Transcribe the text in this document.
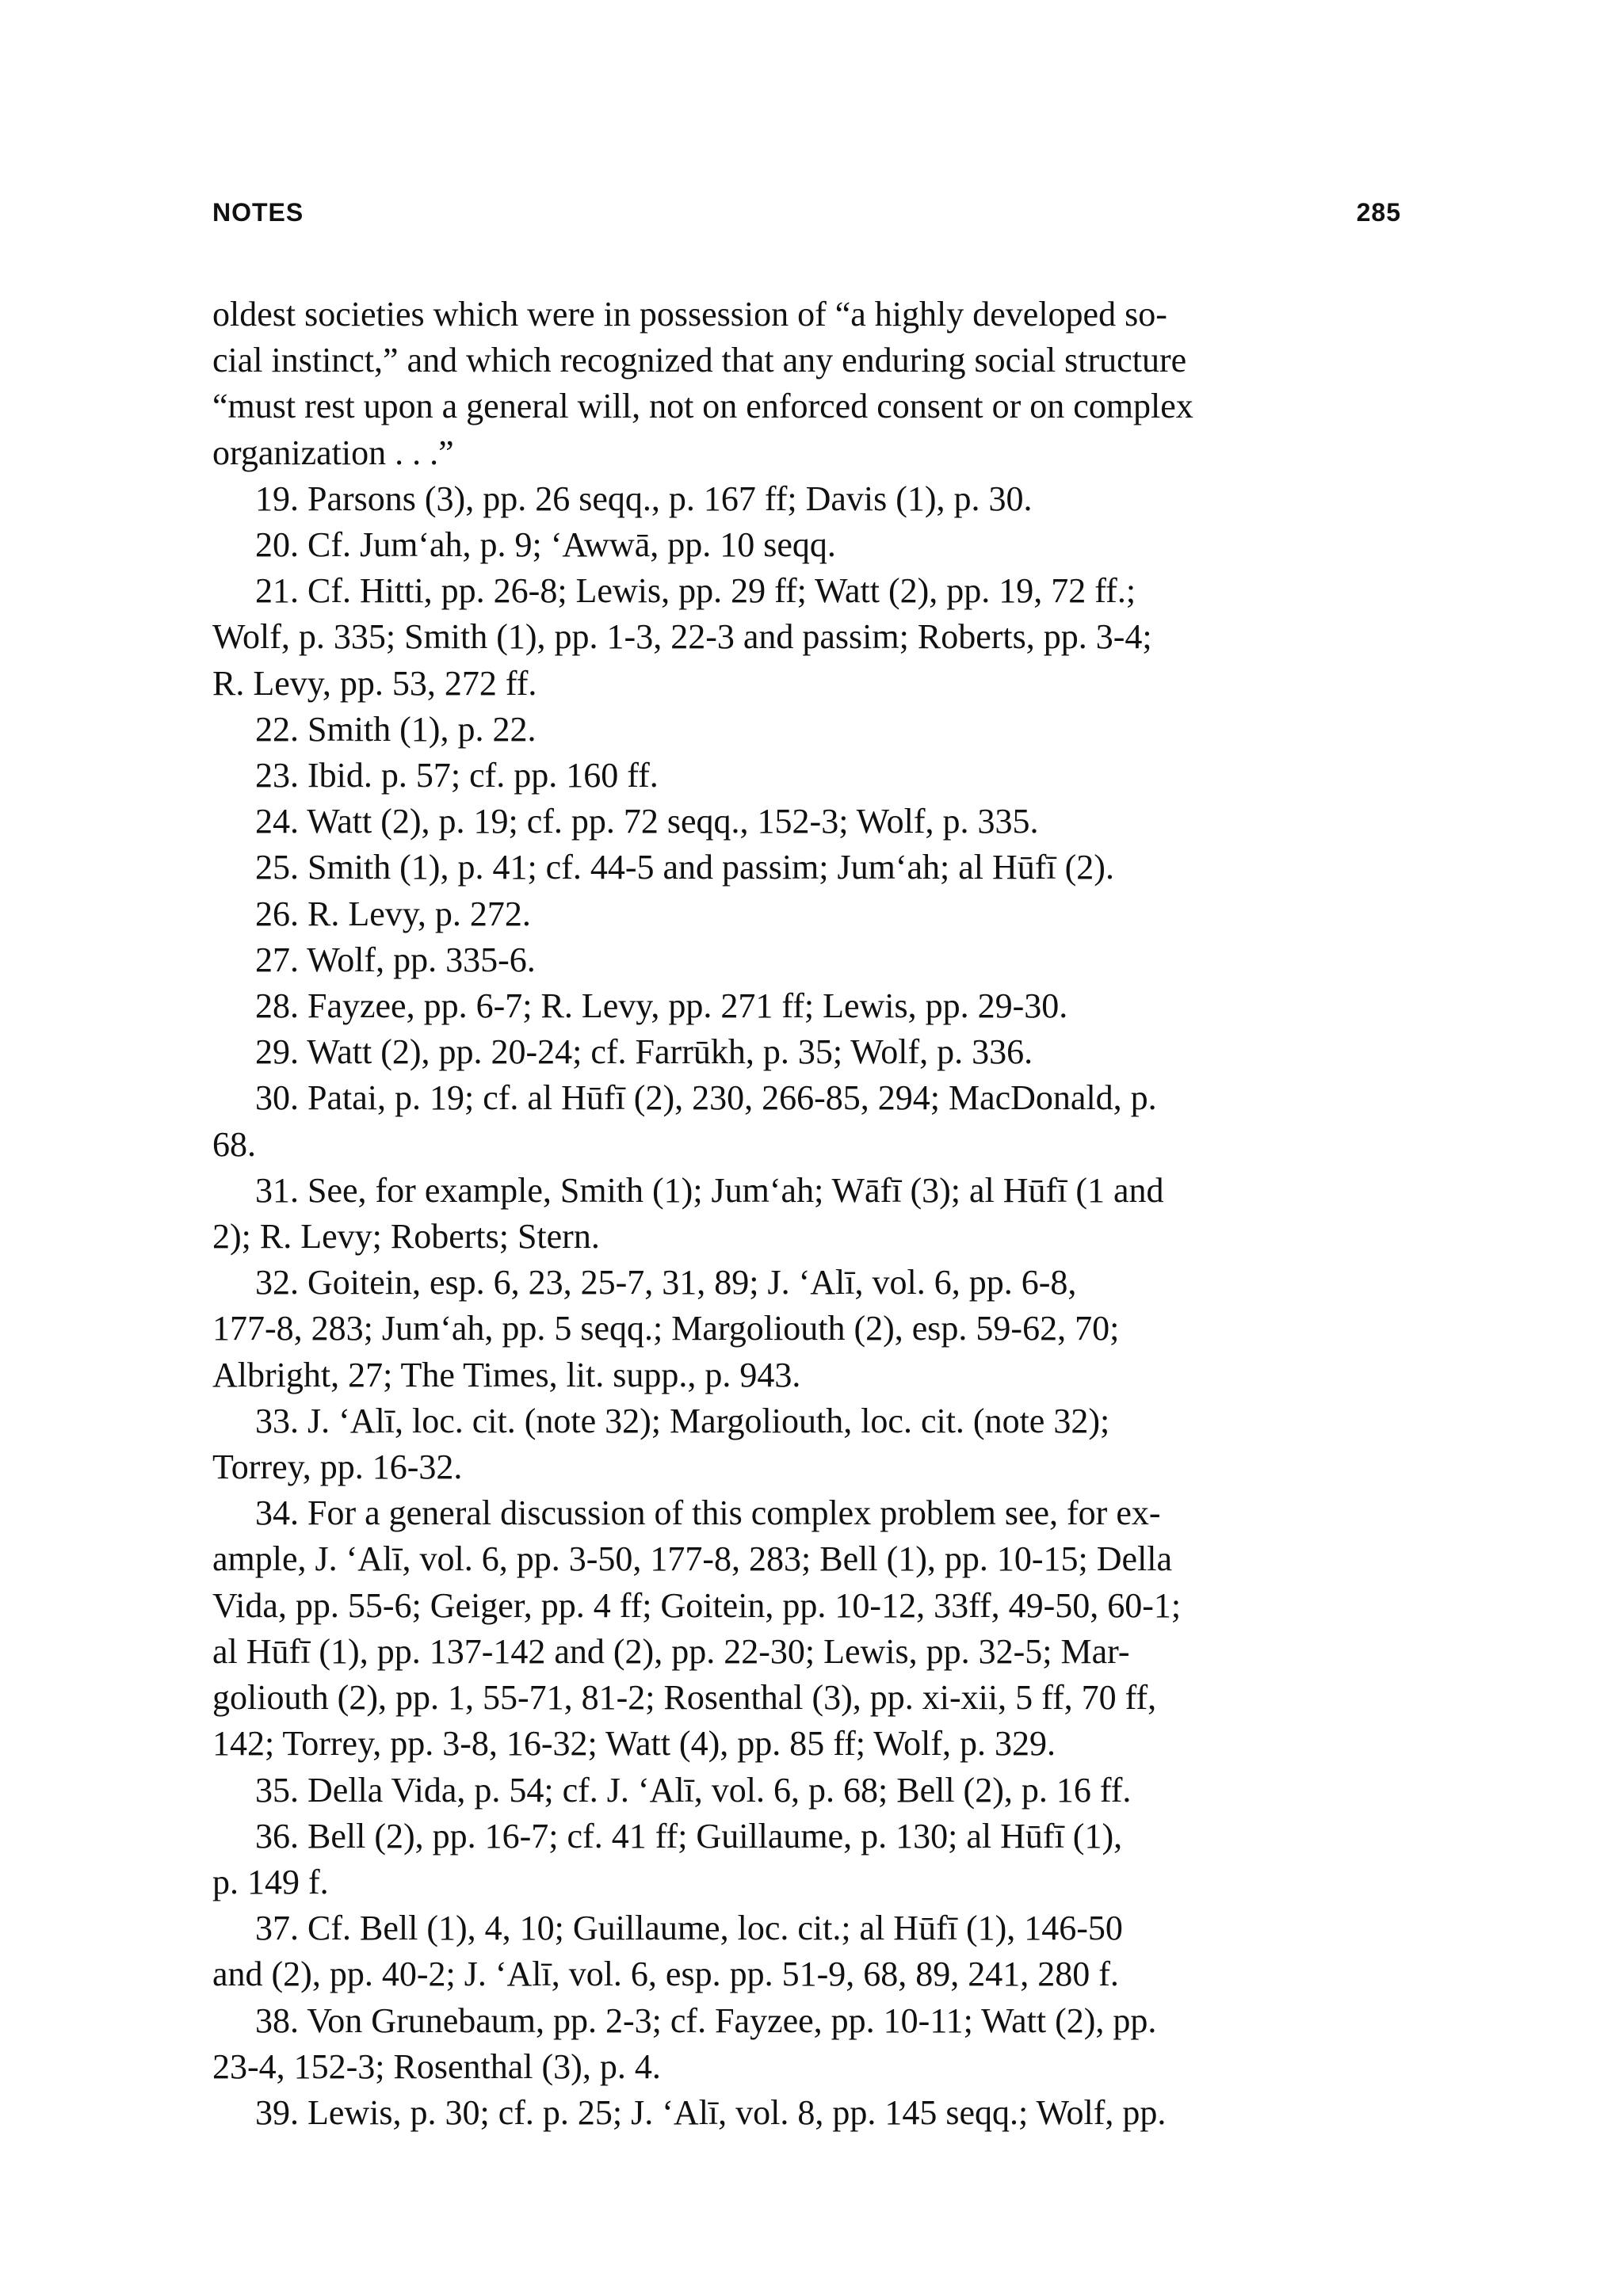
NOTES	285
oldest societies which were in possession of “a highly developed so-
cial instinct,” and which recognized that any enduring social structure
“must rest upon a general will, not on enforced consent or on complex
organization . . .”
19. Parsons (3), pp. 26 seqq., p. 167 ff; Davis (1), p. 30.
20. Cf. Jum‘ah, p. 9; ‘Awwā, pp. 10 seqq.
21. Cf. Hitti, pp. 26-8; Lewis, pp. 29 ff; Watt (2), pp. 19, 72 ff.;
Wolf, p. 335; Smith (1), pp. 1-3, 22-3 and passim; Roberts, pp. 3-4;
R. Levy, pp. 53, 272 ff.
22. Smith (1), p. 22.
23. Ibid. p. 57; cf. pp. 160 ff.
24. Watt (2), p. 19; cf. pp. 72 seqq., 152-3; Wolf, p. 335.
25. Smith (1), p. 41; cf. 44-5 and passim; Jum‘ah; al Hūfī (2).
26. R. Levy, p. 272.
27. Wolf, pp. 335-6.
28. Fayzee, pp. 6-7; R. Levy, pp. 271 ff; Lewis, pp. 29-30.
29. Watt (2), pp. 20-24; cf. Farrūkh, p. 35; Wolf, p. 336.
30. Patai, p. 19; cf. al Hūfī (2), 230, 266-85, 294; MacDonald, p.
68.
31. See, for example, Smith (1); Jum‘ah; Wāfī (3); al Hūfī (1 and
2); R. Levy; Roberts; Stern.
32. Goitein, esp. 6, 23, 25-7, 31, 89; J. ‘Alī, vol. 6, pp. 6-8,
177-8, 283; Jum‘ah, pp. 5 seqq.; Margoliouth (2), esp. 59-62, 70;
Albright, 27; The Times, lit. supp., p. 943.
33. J. ‘Alī, loc. cit. (note 32); Margoliouth, loc. cit. (note 32);
Torrey, pp. 16-32.
34. For a general discussion of this complex problem see, for ex-
ample, J. ‘Alī, vol. 6, pp. 3-50, 177-8, 283; Bell (1), pp. 10-15; Della
Vida, pp. 55-6; Geiger, pp. 4 ff; Goitein, pp. 10-12, 33ff, 49-50, 60-1;
al Hūfī (1), pp. 137-142 and (2), pp. 22-30; Lewis, pp. 32-5; Mar-
goliouth (2), pp. 1, 55-71, 81-2; Rosenthal (3), pp. xi-xii, 5 ff, 70 ff,
142; Torrey, pp. 3-8, 16-32; Watt (4), pp. 85 ff; Wolf, p. 329.
35. Della Vida, p. 54; cf. J. ‘Alī, vol. 6, p. 68; Bell (2), p. 16 ff.
36. Bell (2), pp. 16-7; cf. 41 ff; Guillaume, p. 130; al Hūfī (1),
p. 149 f.
37. Cf. Bell (1), 4, 10; Guillaume, loc. cit.; al Hūfī (1), 146-50
and (2), pp. 40-2; J. ‘Alī, vol. 6, esp. pp. 51-9, 68, 89, 241, 280 f.
38. Von Grunebaum, pp. 2-3; cf. Fayzee, pp. 10-11; Watt (2), pp.
23-4, 152-3; Rosenthal (3), p. 4.
39. Lewis, p. 30; cf. p. 25; J. ‘Alī, vol. 8, pp. 145 seqq.; Wolf, pp.
